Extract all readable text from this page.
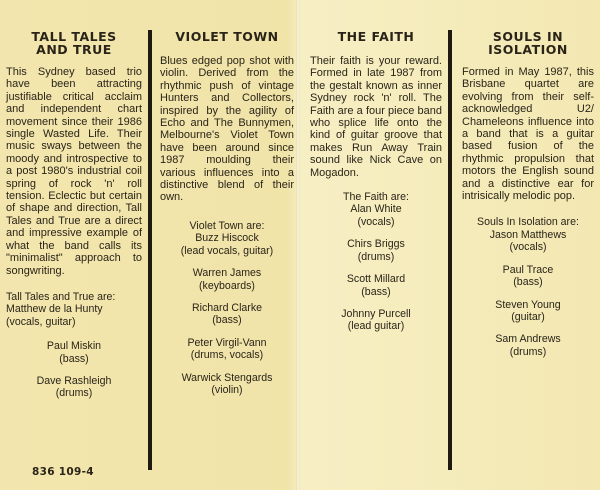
TALL TALES AND TRUE

This Sydney based trio have been attracting justifiable critical acclaim and independent chart movement since their 1986 single Wasted Life. Their music sways between the moody and introspective to a post 1980's industrial coil spring of rock 'n' roll tension. Eclectic but certain of shape and direction, Tall Tales and True are a direct and impressive example of what the band calls its "minimalist" approach to songwriting.

Tall Tales and True are:
Matthew de la Hunty
(vocals, guitar)
Paul Miskin
(bass)
Dave Rashleigh
(drums)
VIOLET TOWN

Blues edged pop shot with violin. Derived from the rhythmic push of vintage Hunters and Collectors, inspired by the agility of Echo and The Bunnymen, Melbourne's Violet Town have been around since 1987 moulding their various influences into a distinctive blend of their own.

Violet Town are:
Buzz Hiscock
(lead vocals, guitar)
Warren James
(keyboards)
Richard Clarke
(bass)
Peter Virgil-Vann
(drums, vocals)
Warwick Stengards
(violin)
THE FAITH

Their faith is your reward. Formed in late 1987 from the gestalt known as inner Sydney rock 'n' roll. The Faith are a four piece band who splice life onto the kind of guitar groove that makes Run Away Train sound like Nick Cave on Mogadon.

The Faith are:
Alan White
(vocals)
Chirs Briggs
(drums)
Scott Millard
(bass)
Johnny Purcell
(lead guitar)
SOULS IN ISOLATION

Formed in May 1987, this Brisbane quartet are evolving from their self-acknowledged U2/ Chameleons influence into a band that is a guitar based fusion of the rhythmic propulsion that motors the English sound and a distinctive ear for intrisically melodic pop.

Souls In Isolation are:
Jason Matthews
(vocals)
Paul Trace
(bass)
Steven Young
(guitar)
Sam Andrews
(drums)
836 109-4
